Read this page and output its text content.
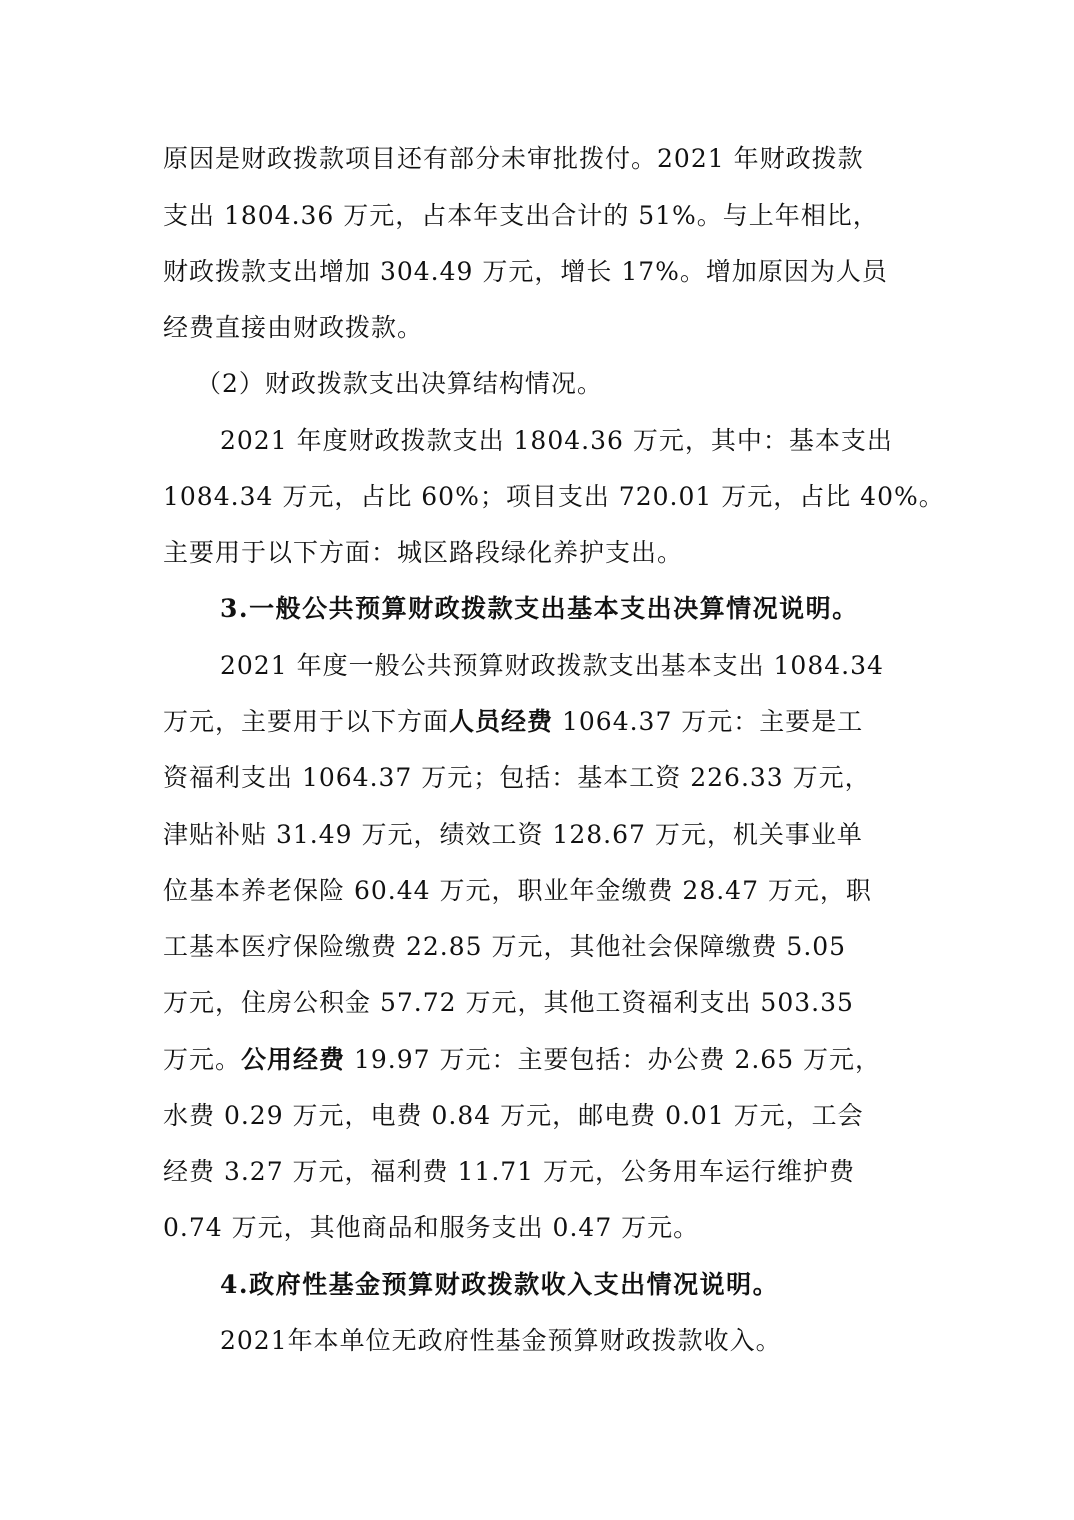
原因是财政拨款项目还有部分未审批拨付。2021 年财政拨款
支出 1804.36 万元，占本年支出合计的 51%。与上年相比，
财政拨款支出增加 304.49 万元，增长 17%。增加原因为人员
经费直接由财政拨款。
（2）财政拨款支出决算结构情况。
2021 年度财政拨款支出 1804.36 万元，其中：基本支出
1084.34 万元，占比 60%；项目支出 720.01 万元，占比 40%。
主要用于以下方面：城区路段绿化养护支出。
3.一般公共预算财政拨款支出基本支出决算情况说明。
2021 年度一般公共预算财政拨款支出基本支出 1084.34
万元，主要用于以下方面人员经费 1064.37 万元：主要是工
资福利支出 1064.37 万元；包括：基本工资 226.33 万元，
津贴补贴 31.49 万元，绩效工资 128.67 万元，机关事业单
位基本养老保险 60.44 万元，职业年金缴费 28.47 万元，职
工基本医疗保险缴费 22.85 万元，其他社会保障缴费 5.05
万元，住房公积金 57.72 万元，其他工资福利支出 503.35
万元。公用经费 19.97 万元：主要包括：办公费 2.65 万元，
水费 0.29 万元，电费 0.84 万元，邮电费 0.01 万元，工会
经费 3.27 万元，福利费 11.71 万元，公务用车运行维护费
0.74 万元，其他商品和服务支出 0.47 万元。
4.政府性基金预算财政拨款收入支出情况说明。
2021年本单位无政府性基金预算财政拨款收入。
